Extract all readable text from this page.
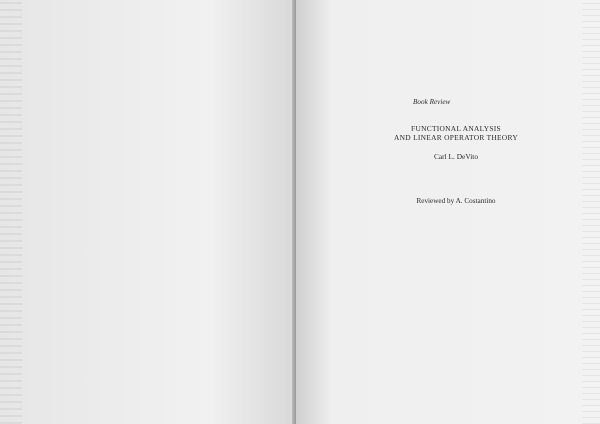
Book Review
FUNCTIONAL ANALYSIS
AND LINEAR OPERATOR THEORY
Carl L. DeVito
Reviewed by A. Costantino
